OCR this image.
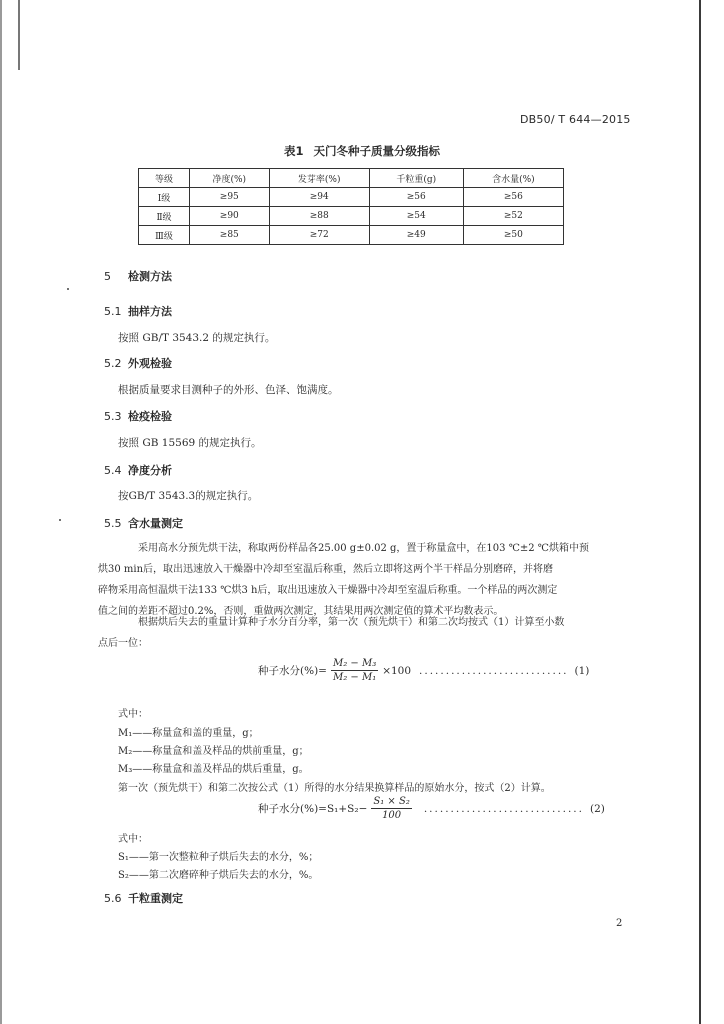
DB50/ T 644—2015
表1 天门冬种子质量分级指标
等级	净度(%)	发芽率(%)	千粒重(g)	含水量(%)
Ⅰ级	≥95	≥94	≥56	≥56
Ⅱ级	≥90	≥88	≥54	≥52
Ⅲ级	≥85	≥72	≥49	≥50
5 检测方法
5.1 抽样方法
按照 GB/T 3543.2 的规定执行。
5.2 外观检验
根据质量要求目测种子的外形、色泽、饱满度。
5.3 检疫检验
按照 GB 15569 的规定执行。
5.4 净度分析
按GB/T 3543.3的规定执行。
5.5 含水量测定
采用高水分预先烘干法，称取两份样品各25.00 g±0.02 g，置于称量盒中，在103 ℃±2 ℃烘箱中预
烘30 min后，取出迅速放入干燥器中冷却至室温后称重，然后立即将这两个半干样品分别磨碎，并将磨
碎物采用高恒温烘干法133 ℃烘3 h后，取出迅速放入干燥器中冷却至室温后称重。一个样品的两次测定
值之间的差距不超过0.2%，否则，重做两次测定，其结果用两次测定值的算术平均数表示。
根据烘后失去的重量计算种子水分百分率，第一次（预先烘干）和第二次均按式（1）计算至小数
点后一位：
种子水分(%)= $\frac{\text{M₂ − M₃}}{\text{M₂ − M₁}} \times 100$ ............................ (1)
式中：
M₁——称量盒和盖的重量，g；
M₂——称量盒和盖及样品的烘前重量，g；
M₃——称量盒和盖及样品的烘后重量，g。
第一次（预先烘干）和第二次按公式（1）所得的水分结果换算样品的原始水分，按式（2）计算。
种子水分$(\%)=S_1+S_2- \frac{\text{S₁ × S₂}}{100}$ .............................. (2)
式中：
S₁——第一次整粒种子烘后失去的水分，%；
S₂——第二次磨碎种子烘后失去的水分，%。
5.6 千粒重测定
2
